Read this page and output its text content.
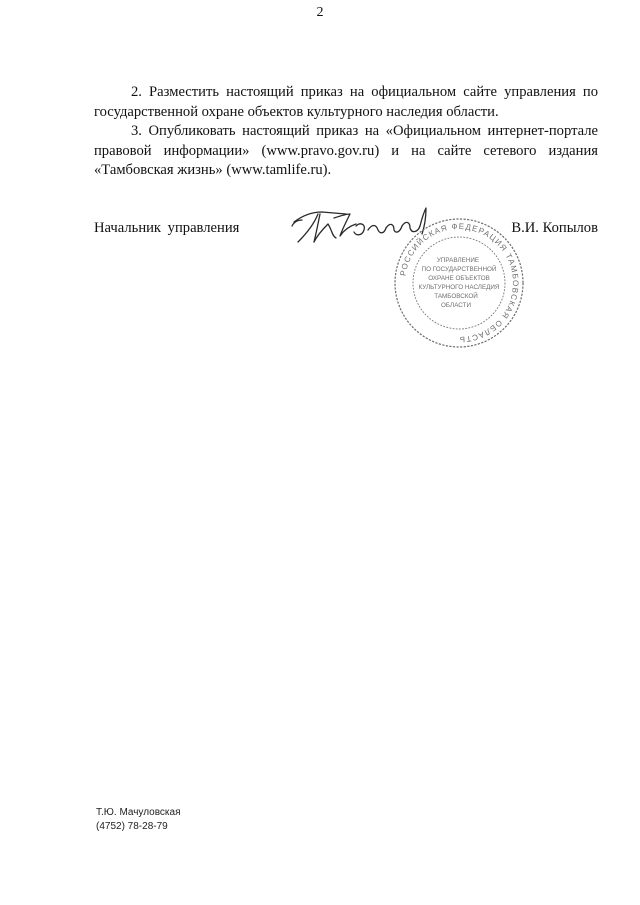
2

2. Разместить настоящий приказ на официальном сайте управления по государственной охране объектов культурного наследия области.

3. Опубликовать настоящий приказ на «Официальном интернет-портале правовой информации» (www.pravo.gov.ru) и на сайте сетевого издания «Тамбовская жизнь» (www.tamlife.ru).

Начальник управления	В.И. Копылов
РОССИЙСКАЯ ФЕДЕРАЦИЯ ТАМБОВСКАЯ ОБЛАСТЬ
УПРАВЛЕНИЕ
ПО ГОСУДАРСТВЕННОЙ
ОХРАНЕ ОБЪЕКТОВ
КУЛЬТУРНОГО НАСЛЕДИЯ
ТАМБОВСКОЙ
ОБЛАСТИ
Т.Ю. Мачуловская
(4752) 78-28-79
